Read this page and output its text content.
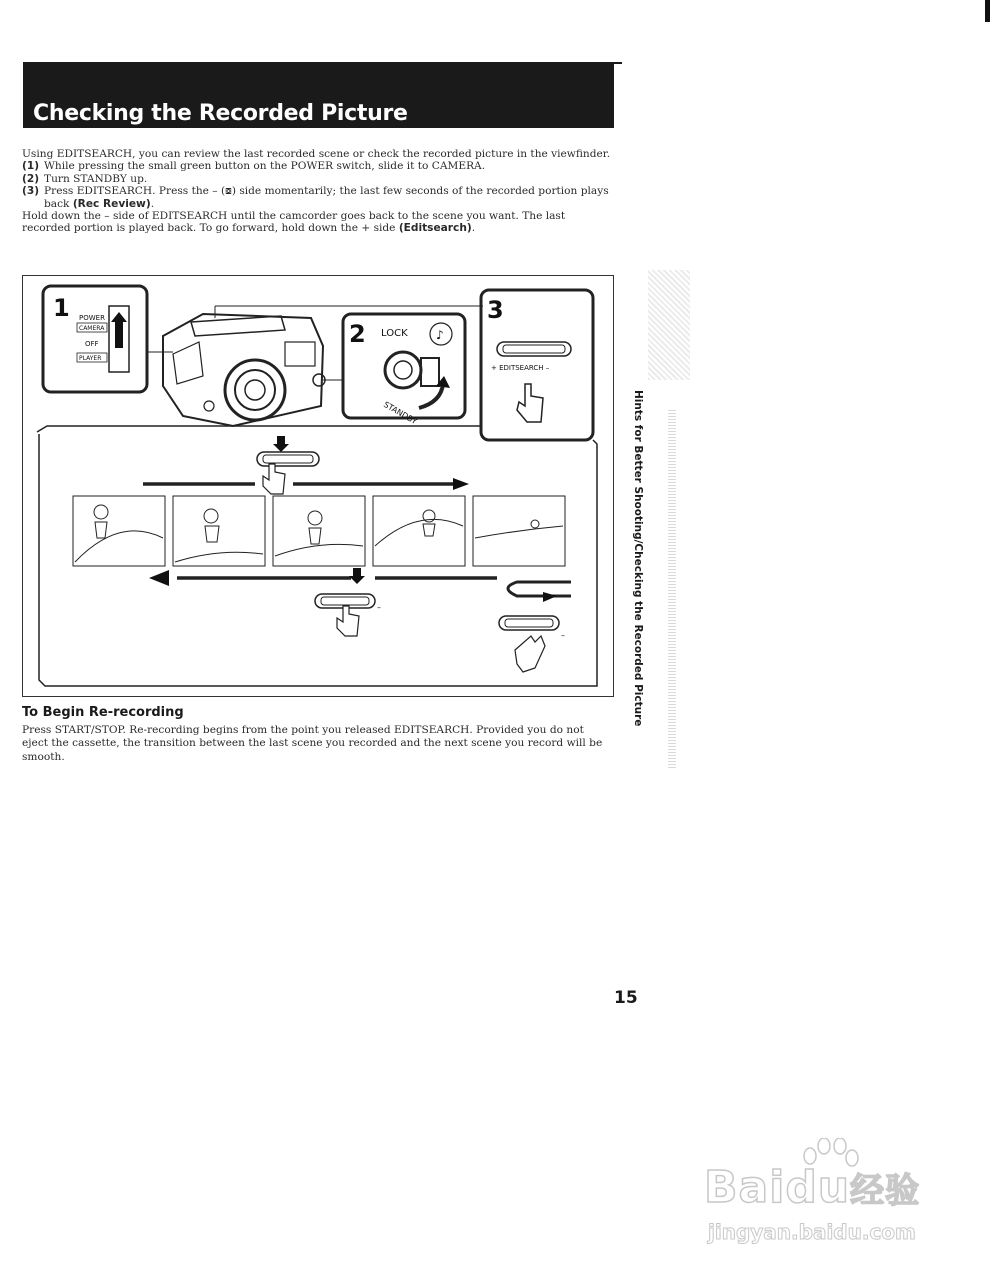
Checking the Recorded Picture

Using EDITSEARCH, you can review the last recorded scene or check the recorded picture in the viewfinder.

(1) While pressing the small green button on the POWER switch, slide it to CAMERA.

(2) Turn STANDBY up.

(3) Press EDITSEARCH. Press the – (⧇) side momentarily; the last few seconds of the recorded portion plays back (Rec Review).

Hold down the – side of EDITSEARCH until the camcorder goes back to the scene you want. The last recorded portion is played back. To go forward, hold down the + side (Editsearch).

1 POWER
CAMERA
OFF
PLAYER
2 LOCK
STANDBY
♪
3
+ EDITSEARCH –
–
–
To Begin Re-recording

Press START/STOP. Re-recording begins from the point you released EDITSEARCH. Provided you do not eject the cassette, the transition between the last scene you recorded and the next scene you record will be smooth.

Hints for Better Shooting/Checking the Recorded Picture
15
Baidu经验
jingyan.baidu.com
